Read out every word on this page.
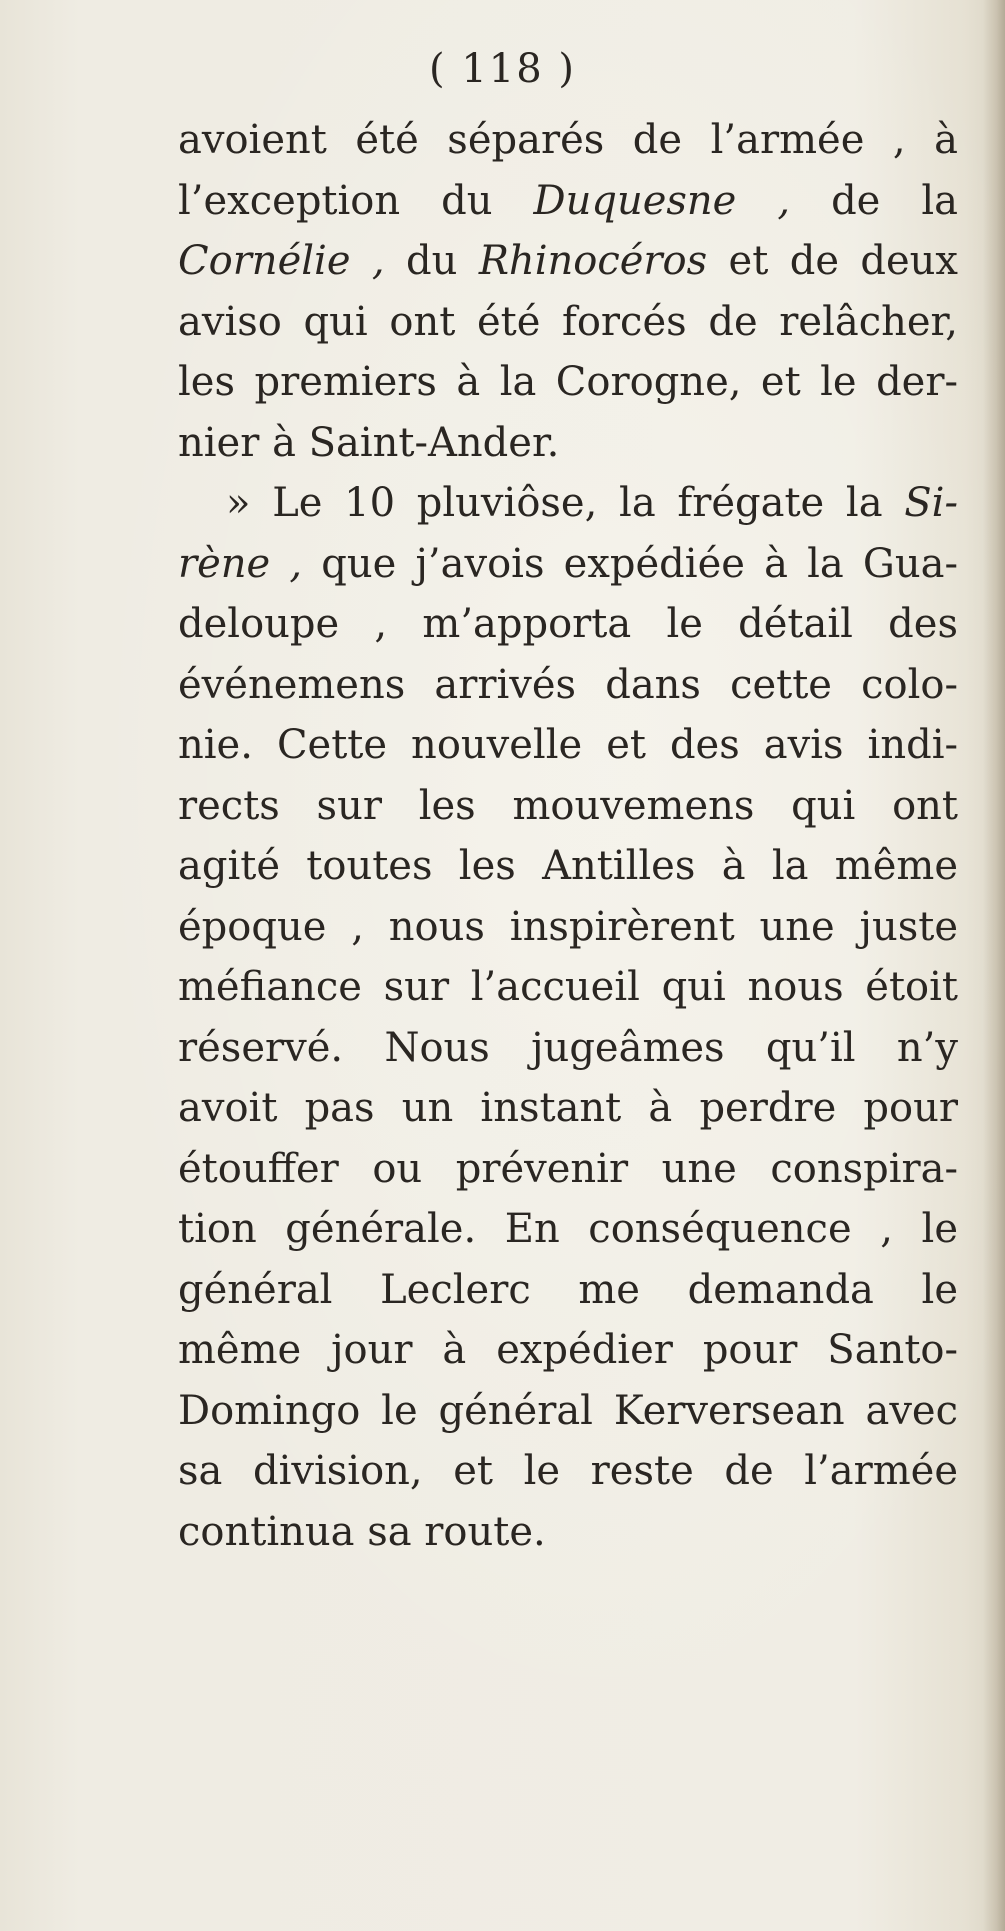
( 118 )
avoient été séparés de l’armée , à
l’exception du Duquesne , de la
Cornélie , du Rhinocéros et de deux
aviso qui ont été forcés de relâcher,
les premiers à la Corogne, et le der-
nier à Saint-Ander.
» Le 10 pluviôse, la frégate la Si-
rène , que j’avois expédiée à la Gua-
deloupe , m’apporta le détail des
événemens arrivés dans cette colo-
nie. Cette nouvelle et des avis indi-
rects sur les mouvemens qui ont
agité toutes les Antilles à la même
époque , nous inspirèrent une juste
méfiance sur l’accueil qui nous étoit
réservé. Nous jugeâmes qu’il n’y
avoit pas un instant à perdre pour
étouffer ou prévenir une conspira-
tion générale. En conséquence , le
général Leclerc me demanda le
même jour à expédier pour Santo-
Domingo le général Kerversean avec
sa division, et le reste de l’armée
continua sa route.
